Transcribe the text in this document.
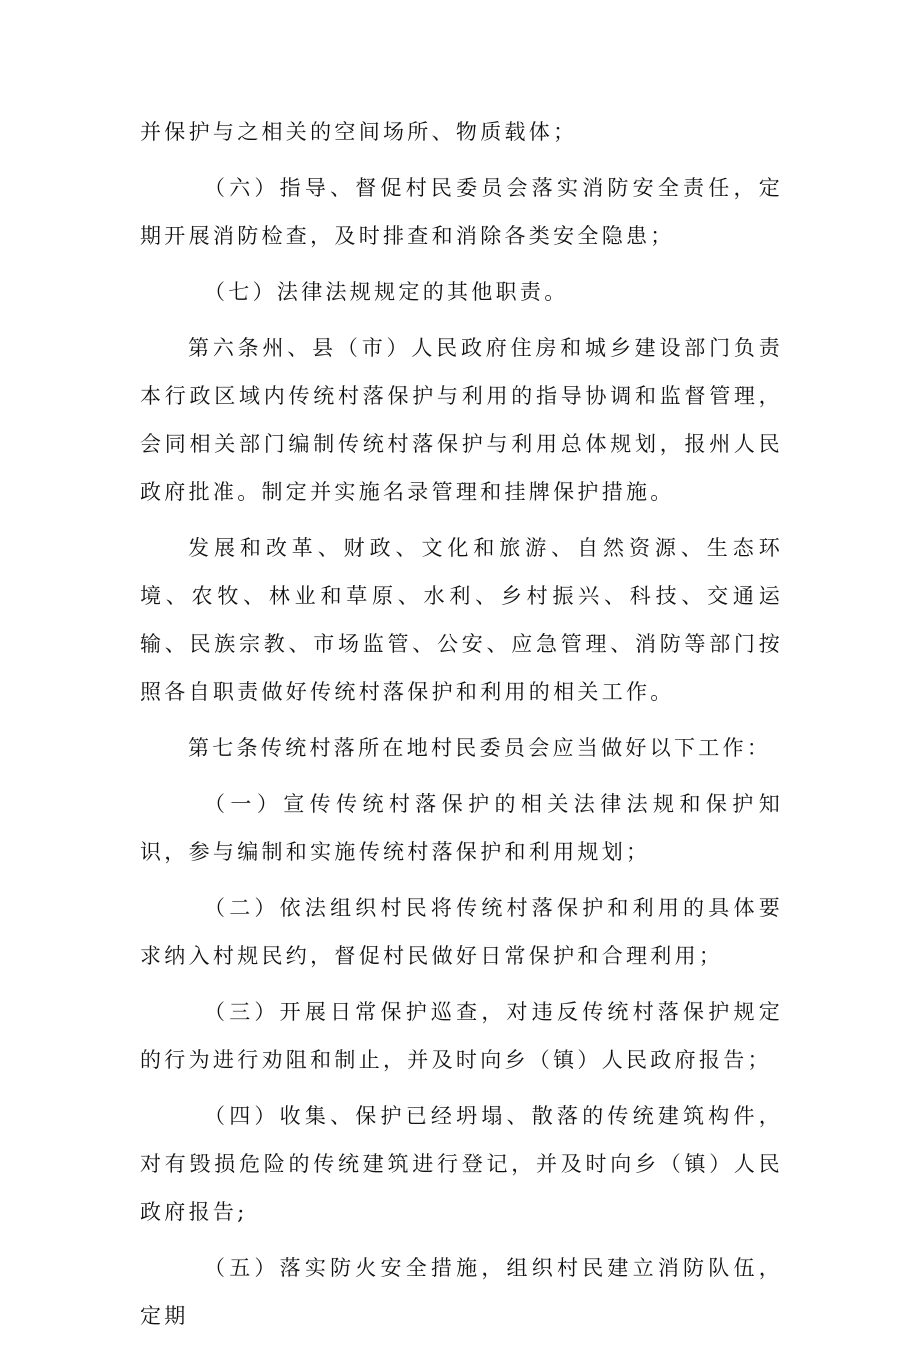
并保护与之相关的空间场所、物质载体；

（六）指导、督促村民委员会落实消防安全责任，定期开展消防检查，及时排查和消除各类安全隐患；

（七）法律法规规定的其他职责。

第六条州、县（市）人民政府住房和城乡建设部门负责本行政区域内传统村落保护与利用的指导协调和监督管理，会同相关部门编制传统村落保护与利用总体规划，报州人民政府批准。制定并实施名录管理和挂牌保护措施。

发展和改革、财政、文化和旅游、自然资源、生态环境、农牧、林业和草原、水利、乡村振兴、科技、交通运输、民族宗教、市场监管、公安、应急管理、消防等部门按照各自职责做好传统村落保护和利用的相关工作。

第七条传统村落所在地村民委员会应当做好以下工作：

（一）宣传传统村落保护的相关法律法规和保护知识，参与编制和实施传统村落保护和利用规划；

（二）依法组织村民将传统村落保护和利用的具体要求纳入村规民约，督促村民做好日常保护和合理利用；

（三）开展日常保护巡查，对违反传统村落保护规定的行为进行劝阻和制止，并及时向乡（镇）人民政府报告；

（四）收集、保护已经坍塌、散落的传统建筑构件，对有毁损危险的传统建筑进行登记，并及时向乡（镇）人民政府报告;

（五）落实防火安全措施，组织村民建立消防队伍，定期
